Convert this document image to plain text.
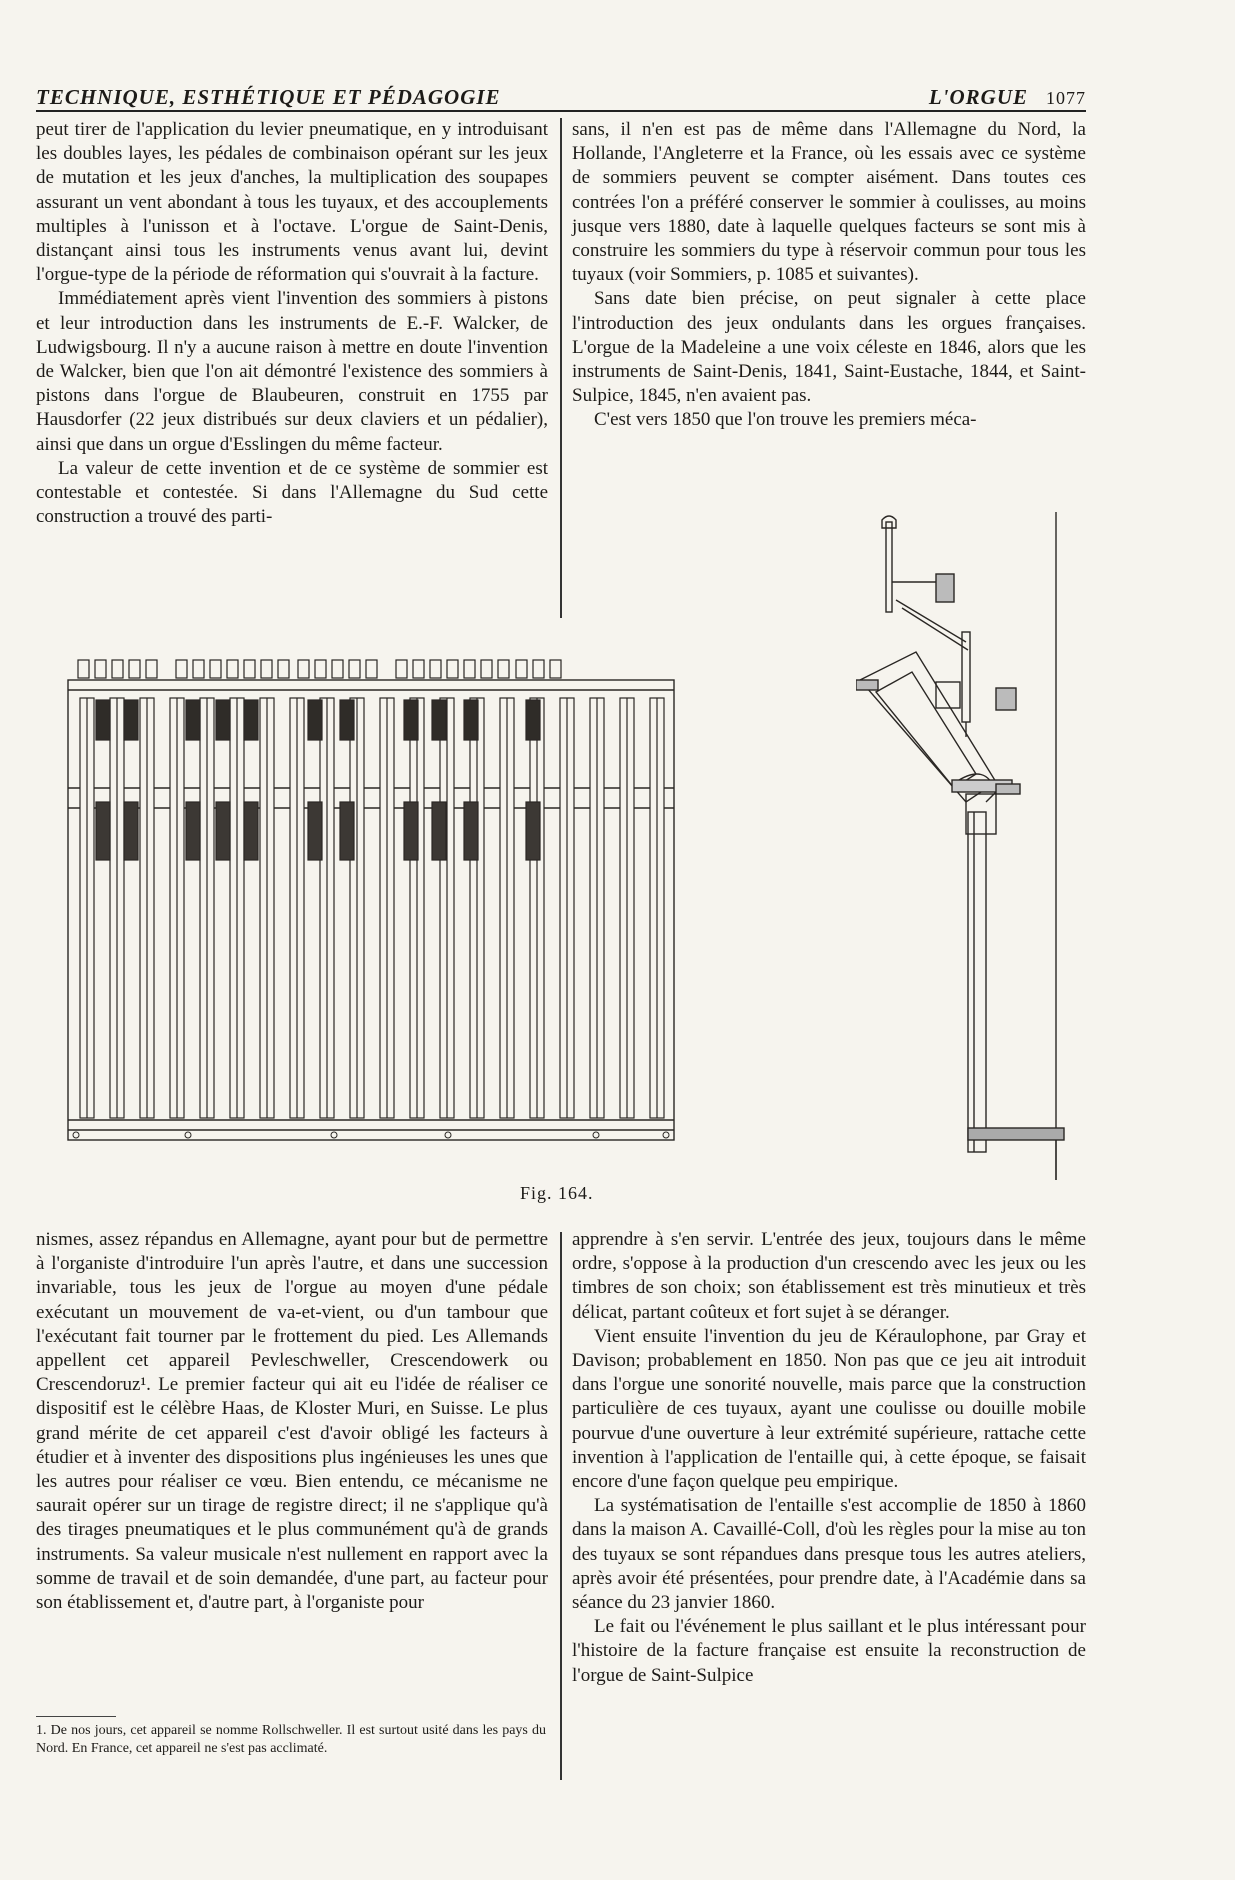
TECHNIQUE, ESTHÉTIQUE ET PÉDAGOGIE	L'ORGUE 1077

peut tirer de l'application du levier pneumatique, en y introduisant les doubles layes, les pédales de combinaison opérant sur les jeux de mutation et les jeux d'anches, la multiplication des soupapes assurant un vent abondant à tous les tuyaux, et des accouplements multiples à l'unisson et à l'octave. L'orgue de Saint-Denis, distançant ainsi tous les instruments venus avant lui, devint l'orgue-type de la période de réformation qui s'ouvrait à la facture.

Immédiatement après vient l'invention des sommiers à pistons et leur introduction dans les instruments de E.-F. Walcker, de Ludwigsbourg. Il n'y a aucune raison à mettre en doute l'invention de Walcker, bien que l'on ait démontré l'existence des sommiers à pistons dans l'orgue de Blaubeuren, construit en 1755 par Hausdorfer (22 jeux distribués sur deux claviers et un pédalier), ainsi que dans un orgue d'Esslingen du même facteur.

La valeur de cette invention et de ce système de sommier est contestable et contestée. Si dans l'Allemagne du Sud cette construction a trouvé des parti-

sans, il n'en est pas de même dans l'Allemagne du Nord, la Hollande, l'Angleterre et la France, où les essais avec ce système de sommiers peuvent se compter aisément. Dans toutes ces contrées l'on a préféré conserver le sommier à coulisses, au moins jusque vers 1880, date à laquelle quelques facteurs se sont mis à construire les sommiers du type à réservoir commun pour tous les tuyaux (voir Sommiers, p. 1085 et suivantes).

Sans date bien précise, on peut signaler à cette place l'introduction des jeux ondulants dans les orgues françaises. L'orgue de la Madeleine a une voix céleste en 1846, alors que les instruments de Saint-Denis, 1841, Saint-Eustache, 1844, et Saint-Sulpice, 1845, n'en avaient pas.

C'est vers 1850 que l'on trouve les premiers méca-

Fig. 164.

nismes, assez répandus en Allemagne, ayant pour but de permettre à l'organiste d'introduire l'un après l'autre, et dans une succession invariable, tous les jeux de l'orgue au moyen d'une pédale exécutant un mouvement de va-et-vient, ou d'un tambour que l'exécutant fait tourner par le frottement du pied. Les Allemands appellent cet appareil Pevleschweller, Crescendowerk ou Crescendoruz¹. Le premier facteur qui ait eu l'idée de réaliser ce dispositif est le célèbre Haas, de Kloster Muri, en Suisse. Le plus grand mérite de cet appareil c'est d'avoir obligé les facteurs à étudier et à inventer des dispositions plus ingénieuses les unes que les autres pour réaliser ce vœu. Bien entendu, ce mécanisme ne saurait opérer sur un tirage de registre direct; il ne s'applique qu'à des tirages pneumatiques et le plus communément qu'à de grands instruments. Sa valeur musicale n'est nullement en rapport avec la somme de travail et de soin demandée, d'une part, au facteur pour son établissement et, d'autre part, à l'organiste pour

apprendre à s'en servir. L'entrée des jeux, toujours dans le même ordre, s'oppose à la production d'un crescendo avec les jeux ou les timbres de son choix; son établissement est très minutieux et très délicat, partant coûteux et fort sujet à se déranger.

Vient ensuite l'invention du jeu de Kéraulophone, par Gray et Davison; probablement en 1850. Non pas que ce jeu ait introduit dans l'orgue une sonorité nouvelle, mais parce que la construction particulière de ces tuyaux, ayant une coulisse ou douille mobile pourvue d'une ouverture à leur extrémité supérieure, rattache cette invention à l'application de l'entaille qui, à cette époque, se faisait encore d'une façon quelque peu empirique.

La systématisation de l'entaille s'est accomplie de 1850 à 1860 dans la maison A. Cavaillé-Coll, d'où les règles pour la mise au ton des tuyaux se sont répandues dans presque tous les autres ateliers, après avoir été présentées, pour prendre date, à l'Académie dans sa séance du 23 janvier 1860.

Le fait ou l'événement le plus saillant et le plus intéressant pour l'histoire de la facture française est ensuite la reconstruction de l'orgue de Saint-Sulpice

1. De nos jours, cet appareil se nomme Rollschweller. Il est surtout usité dans les pays du Nord. En France, cet appareil ne s'est pas acclimaté.
